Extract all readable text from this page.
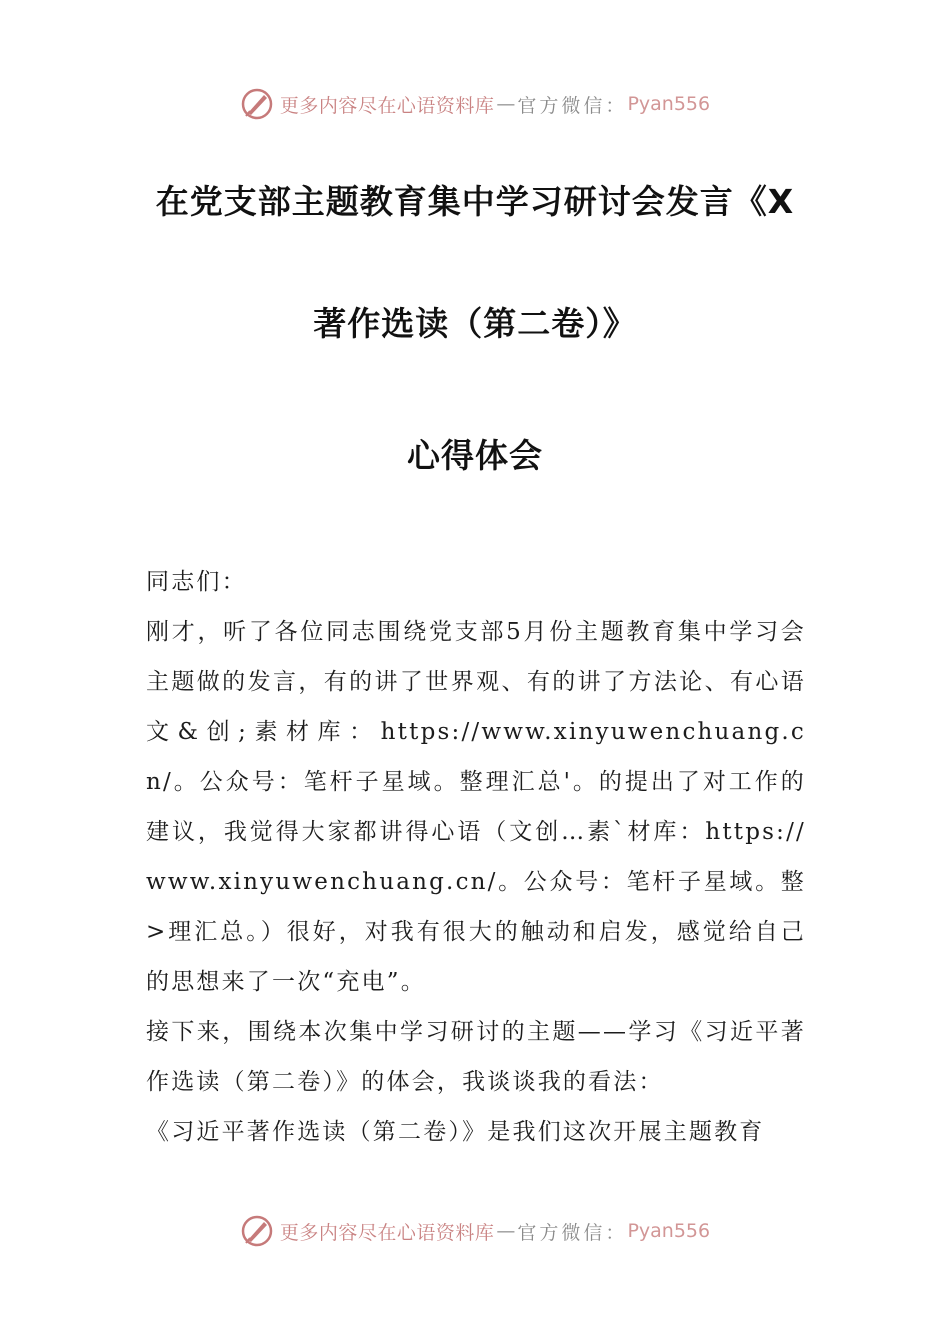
更多内容尽在心语资料库 — 官方微信： Pyan556
在党支部主题教育集中学习研讨会发言《X
著作选读（第二卷）》
心得体会

同志们：

刚才，听了各位同志围绕党支部5月份主题教育集中学习会主题做的发言，有的讲了世界观、有的讲了方法论、有心语文&创;素材库：https://www.xinyuwenchuang.cn/。公众号：笔杆子星域。整理汇总'。的提出了对工作的建议，我觉得大家都讲得心语（文创…素`材库：https://www.xinyuwenchuang.cn/。公众号：笔杆子星域。整>理汇总。）很好，对我有很大的触动和启发，感觉给自己的思想来了一次“充电”。

接下来，围绕本次集中学习研讨的主题——学习《习近平著作选读（第二卷）》的体会，我谈谈我的看法：

《习近平著作选读（第二卷）》是我们这次开展主题教育

更多内容尽在心语资料库 — 官方微信： Pyan556
